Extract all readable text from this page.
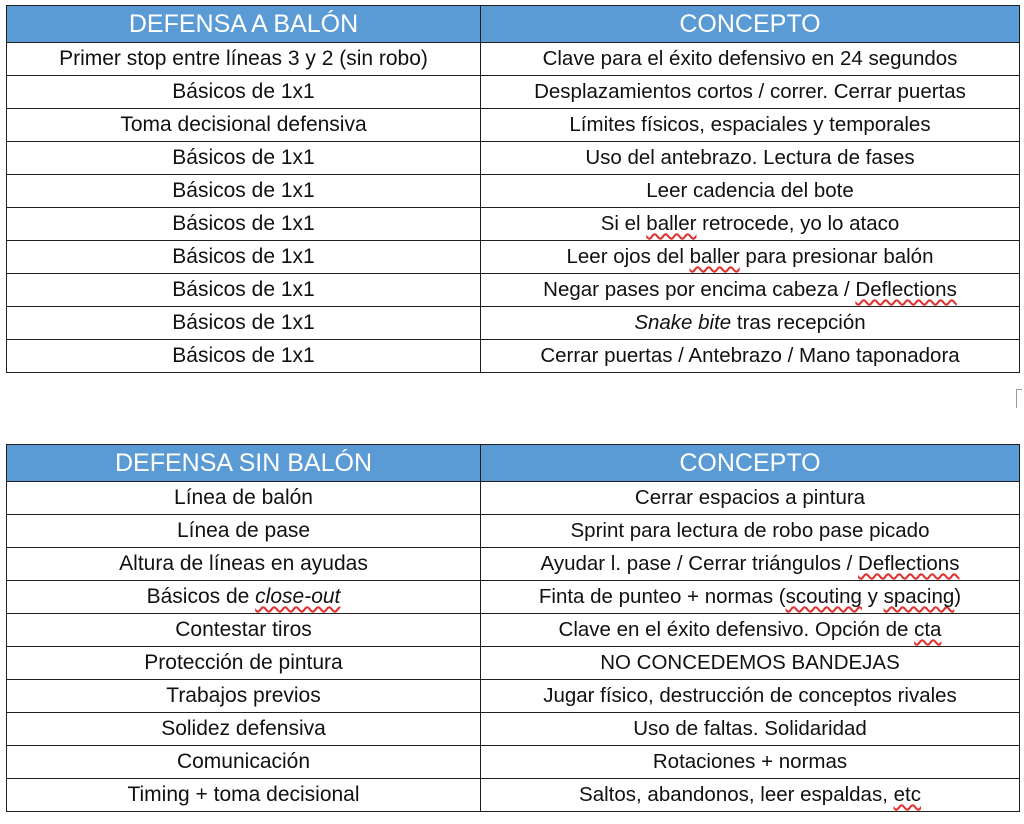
DEFENSA A BALÓN	CONCEPTO
Primer stop entre líneas 3 y 2 (sin robo)	Clave para el éxito defensivo en 24 segundos
Básicos de 1x1	Desplazamientos cortos / correr. Cerrar puertas
Toma decisional defensiva	Límites físicos, espaciales y temporales
Básicos de 1x1	Uso del antebrazo. Lectura de fases
Básicos de 1x1	Leer cadencia del bote
Básicos de 1x1	Si el baller retrocede, yo lo ataco
Básicos de 1x1	Leer ojos del baller para presionar balón
Básicos de 1x1	Negar pases por encima cabeza / Deflections
Básicos de 1x1	Snake bite tras recepción
Básicos de 1x1	Cerrar puertas / Antebrazo / Mano taponadora
DEFENSA SIN BALÓN	CONCEPTO
Línea de balón	Cerrar espacios a pintura
Línea de pase	Sprint para lectura de robo pase picado
Altura de líneas en ayudas	Ayudar l. pase / Cerrar triángulos / Deflections
Básicos de close-out	Finta de punteo + normas (scouting y spacing)
Contestar tiros	Clave en el éxito defensivo. Opción de cta
Protección de pintura	NO CONCEDEMOS BANDEJAS
Trabajos previos	Jugar físico, destrucción de conceptos rivales
Solidez defensiva	Uso de faltas. Solidaridad
Comunicación	Rotaciones + normas
Timing + toma decisional	Saltos, abandonos, leer espaldas, etc
